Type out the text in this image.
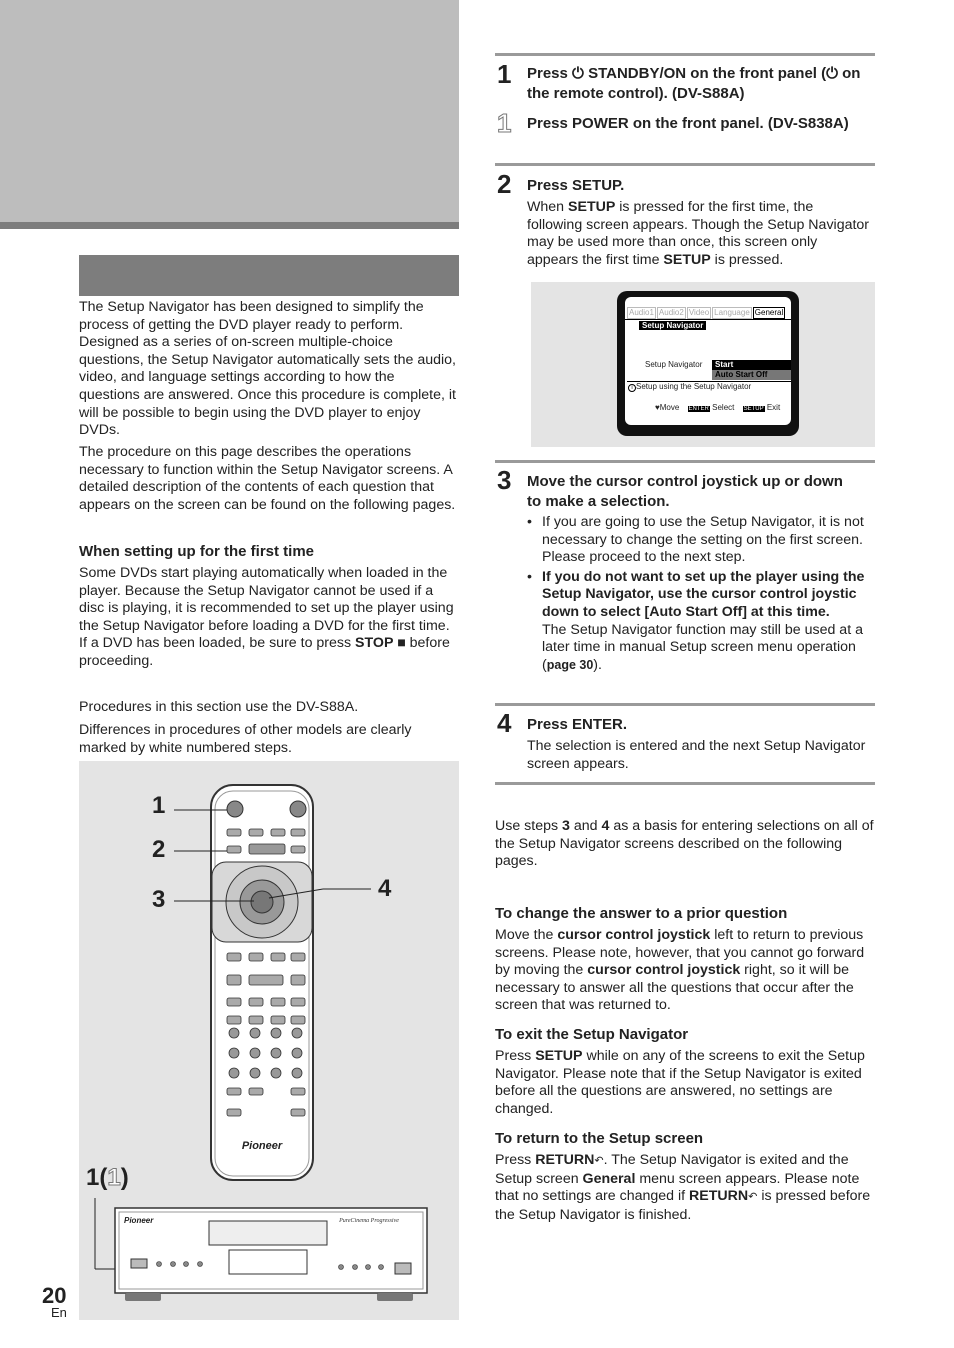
The Setup Navigator has been designed to simplify the process of getting the DVD player ready to perform. Designed as a series of on-screen multiple-choice questions, the Setup Navigator automatically sets the audio, video, and language settings according to how the questions are answered. Once this procedure is complete, it will be possible to begin using the DVD player to enjoy DVDs.

The procedure on this page describes the operations necessary to function within the Setup Navigator screens. A detailed description of the contents of each question that appears on the screen can be found on the following pages.

When setting up for the first time

Some DVDs start playing automatically when loaded in the player. Because the Setup Navigator cannot be used if a disc is playing, it is recommended to set up the player using the Setup Navigator before loading a DVD for the first time. If a DVD has been loaded, be sure to press STOP ■ before proceeding.

Procedures in this section use the DV-S88A.

Differences in procedures of other models are clearly marked by white numbered steps.

Pioneer
Pioneer	PureCinema Progressive
1
2
3	4
1(1)
20
En
1 Press ⏻ STANDBY/ON on the front panel (⏻ on the remote control). (DV-S88A)
1 Press POWER on the front panel. (DV-S838A)
2 Press SETUP.

When SETUP is pressed for the first time, the following screen appears. Though the Setup Navigator may be used more than once, this screen only appears the first time SETUP is pressed.

Audio1 Audio2 Video Language General
Setup Navigator
Setup Navigator	Start
Auto Start Off
i Setup using the Setup Navigator
♥Move ENTER Select SETUP Exit
3 Move the cursor control joystick up or down to make a selection.
• If you are going to use the Setup Navigator, it is not necessary to change the setting on the first screen. Please proceed to the next step.
• If you do not want to set up the player using the Setup Navigator, use the cursor control joystic down to select [Auto Start Off] at this time.
The Setup Navigator function may still be used at a later time in manual Setup screen menu operation (page 30).
4 Press ENTER.

The selection is entered and the next Setup Navigator screen appears.

Use steps 3 and 4 as a basis for entering selections on all of the Setup Navigator screens described on the following pages.

To change the answer to a prior question

Move the cursor control joystick left to return to previous screens. Please note, however, that you cannot go forward by moving the cursor control joystick right, so it will be necessary to answer all the questions that occur after the screen that was returned to.

To exit the Setup Navigator

Press SETUP while on any of the screens to exit the Setup Navigator. Please note that if the Setup Navigator is exited before all the questions are answered, no settings are changed.

To return to the Setup screen

Press RETURN↶. The Setup Navigator is exited and the Setup screen General menu screen appears. Please note that no settings are changed if RETURN↶ is pressed before the Setup Navigator is finished.
